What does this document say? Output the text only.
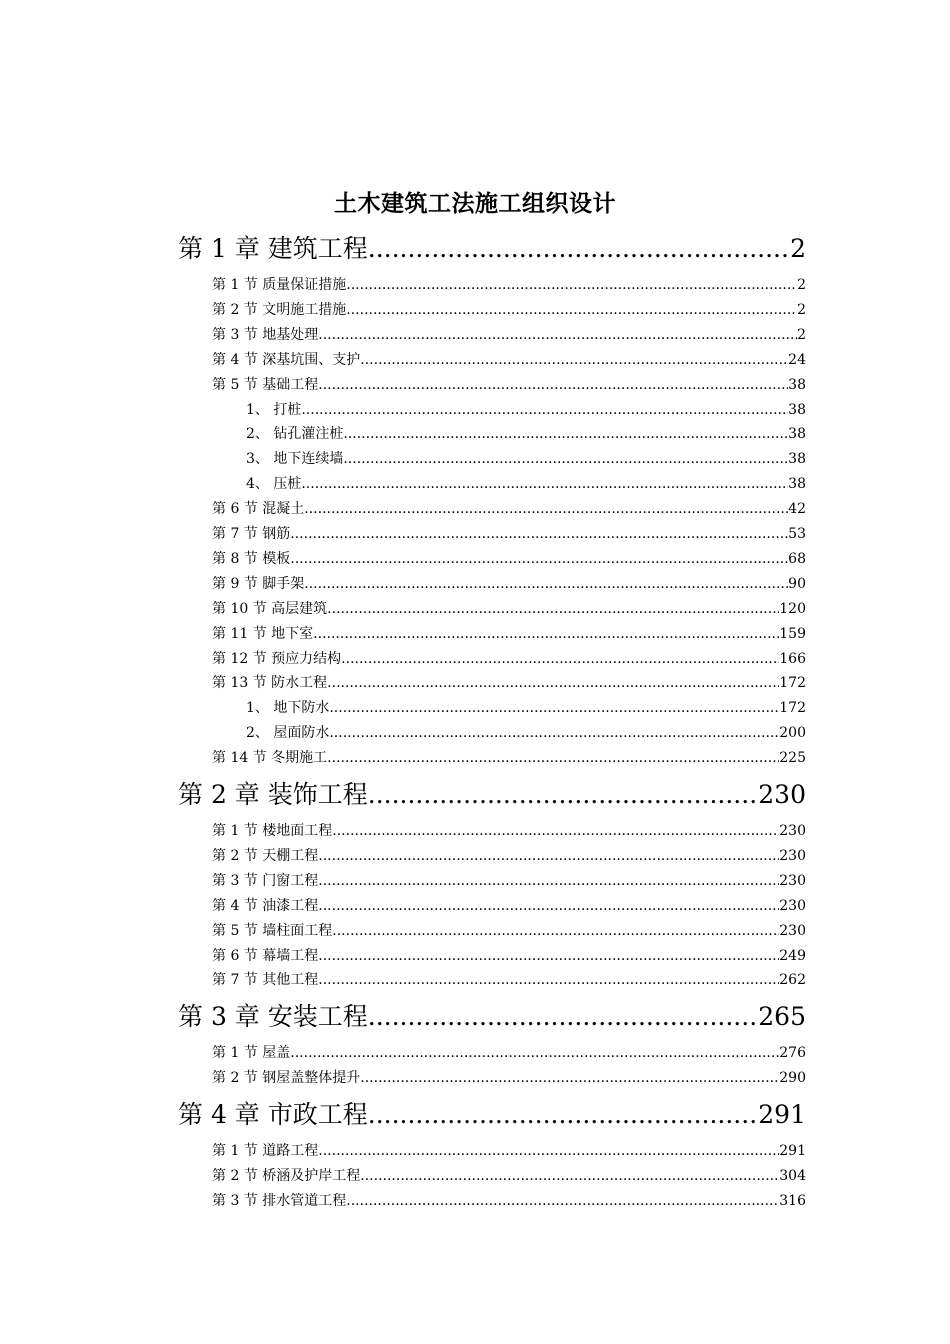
土木建筑工法施工组织设计
第 1 章 建筑工程 .....	2
第 1 节 质量保证措施 .....	2
第 2 节 文明施工措施 .....	2
第 3 节 地基处理 .....	2
第 4 节 深基坑围、支护 .....	24
第 5 节 基础工程 .....	38
1、 打桩 .....	38
2、 钻孔灌注桩 .....	38
3、 地下连续墙 .....	38
4、 压桩 .....	38
第 6 节 混凝土 .....	42
第 7 节 钢筋 .....	53
第 8 节 模板 .....	68
第 9 节 脚手架 .....	90
第 10 节 高层建筑 .....	120
第 11 节 地下室 .....	159
第 12 节 预应力结构 .....	166
第 13 节 防水工程 .....	172
1、 地下防水 .....	172
2、 屋面防水 .....	200
第 14 节 冬期施工 .....	225
第 2 章 装饰工程 .....	230
第 1 节 楼地面工程 .....	230
第 2 节 天棚工程 .....	230
第 3 节 门窗工程 .....	230
第 4 节 油漆工程 .....	230
第 5 节 墙柱面工程 .....	230
第 6 节 幕墙工程 .....	249
第 7 节 其他工程 .....	262
第 3 章 安装工程 .....	265
第 1 节 屋盖 .....	276
第 2 节 钢屋盖整体提升 .....	290
第 4 章 市政工程 .....	291
第 1 节 道路工程 .....	291
第 2 节 桥涵及护岸工程 .....	304
第 3 节 排水管道工程 .....	316
